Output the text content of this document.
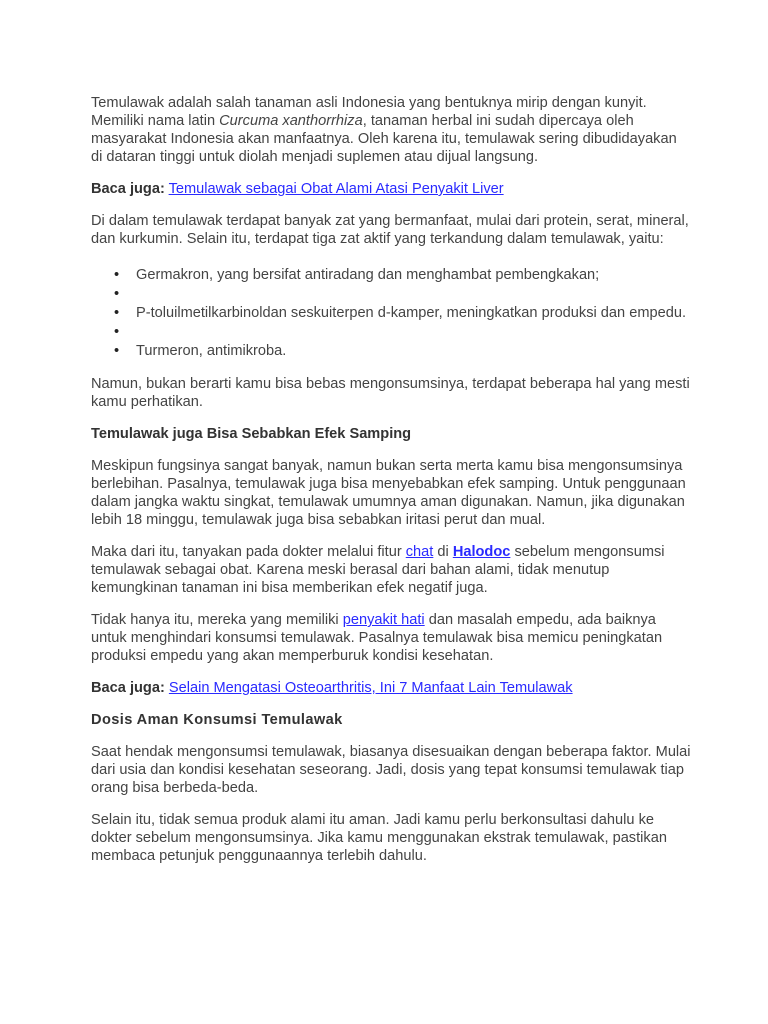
Temulawak adalah salah tanaman asli Indonesia yang bentuknya mirip dengan kunyit. Memiliki nama latin Curcuma xanthorrhiza, tanaman herbal ini sudah dipercaya oleh masyarakat Indonesia akan manfaatnya. Oleh karena itu, temulawak sering dibudidayakan di dataran tinggi untuk diolah menjadi suplemen atau dijual langsung.

Baca juga: Temulawak sebagai Obat Alami Atasi Penyakit Liver

Di dalam temulawak terdapat banyak zat yang bermanfaat, mulai dari protein, serat, mineral, dan kurkumin. Selain itu, terdapat tiga zat aktif yang terkandung dalam temulawak, yaitu:

• Germakron, yang bersifat antiradang dan menghambat pembengkakan;
•
• P-toluilmetilkarbinoldan seskuiterpen d-kamper, meningkatkan produksi dan empedu.
•
• Turmeron, antimikroba.

Namun, bukan berarti kamu bisa bebas mengonsumsinya, terdapat beberapa hal yang mesti kamu perhatikan.

Temulawak juga Bisa Sebabkan Efek Samping

Meskipun fungsinya sangat banyak, namun bukan serta merta kamu bisa mengonsumsinya berlebihan. Pasalnya, temulawak juga bisa menyebabkan efek samping. Untuk penggunaan dalam jangka waktu singkat, temulawak umumnya aman digunakan. Namun, jika digunakan lebih 18 minggu, temulawak juga bisa sebabkan iritasi perut dan mual.

Maka dari itu, tanyakan pada dokter melalui fitur chat di Halodoc sebelum mengonsumsi temulawak sebagai obat. Karena meski berasal dari bahan alami, tidak menutup kemungkinan tanaman ini bisa memberikan efek negatif juga.

Tidak hanya itu, mereka yang memiliki penyakit hati dan masalah empedu, ada baiknya untuk menghindari konsumsi temulawak. Pasalnya temulawak bisa memicu peningkatan produksi empedu yang akan memperburuk kondisi kesehatan.

Baca juga: Selain Mengatasi Osteoarthritis, Ini 7 Manfaat Lain Temulawak

Dosis Aman Konsumsi Temulawak

Saat hendak mengonsumsi temulawak, biasanya disesuaikan dengan beberapa faktor. Mulai dari usia dan kondisi kesehatan seseorang. Jadi, dosis yang tepat konsumsi temulawak tiap orang bisa berbeda-beda.

Selain itu, tidak semua produk alami itu aman. Jadi kamu perlu berkonsultasi dahulu ke dokter sebelum mengonsumsinya. Jika kamu menggunakan ekstrak temulawak, pastikan membaca petunjuk penggunaannya terlebih dahulu.
